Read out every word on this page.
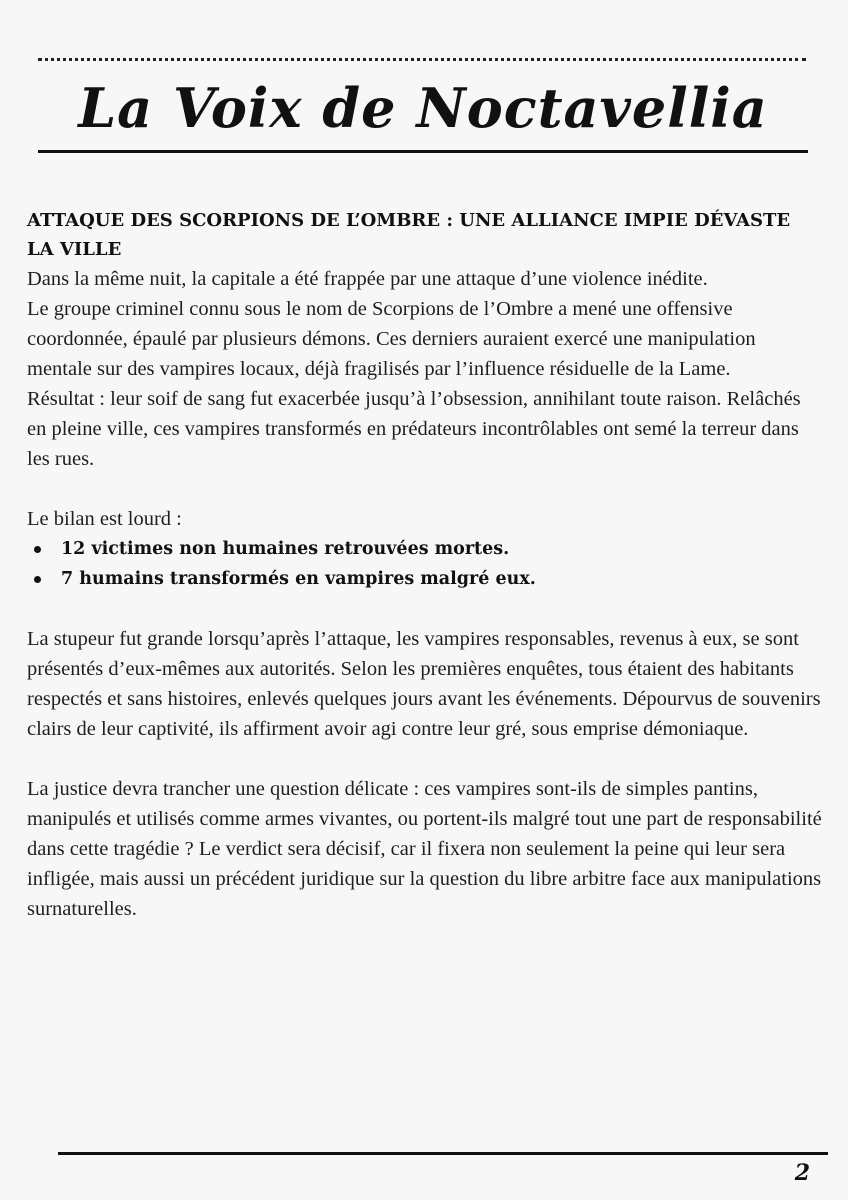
La Voix de Noctavellia
ATTAQUE DES SCORPIONS DE L’OMBRE : UNE ALLIANCE IMPIE DÉVASTE LA VILLE

Dans la même nuit, la capitale a été frappée par une attaque d’une violence inédite.

Le groupe criminel connu sous le nom de Scorpions de l’Ombre a mené une offensive coordonnée, épaulé par plusieurs démons. Ces derniers auraient exercé une manipulation mentale sur des vampires locaux, déjà fragilisés par l’influence résiduelle de la Lame.

Résultat : leur soif de sang fut exacerbée jusqu’à l’obsession, annihilant toute raison. Relâchés en pleine ville, ces vampires transformés en prédateurs incontrôlables ont semé la terreur dans les rues.

Le bilan est lourd :

12 victimes non humaines retrouvées mortes.
7 humains transformés en vampires malgré eux.

La stupeur fut grande lorsqu’après l’attaque, les vampires responsables, revenus à eux, se sont présentés d’eux-mêmes aux autorités. Selon les premières enquêtes, tous étaient des habitants respectés et sans histoires, enlevés quelques jours avant les événements. Dépourvus de souvenirs clairs de leur captivité, ils affirment avoir agi contre leur gré, sous emprise démoniaque.

La justice devra trancher une question délicate : ces vampires sont-ils de simples pantins, manipulés et utilisés comme armes vivantes, ou portent-ils malgré tout une part de responsabilité dans cette tragédie ? Le verdict sera décisif, car il fixera non seulement la peine qui leur sera infligée, mais aussi un précédent juridique sur la question du libre arbitre face aux manipulations surnaturelles.

2
